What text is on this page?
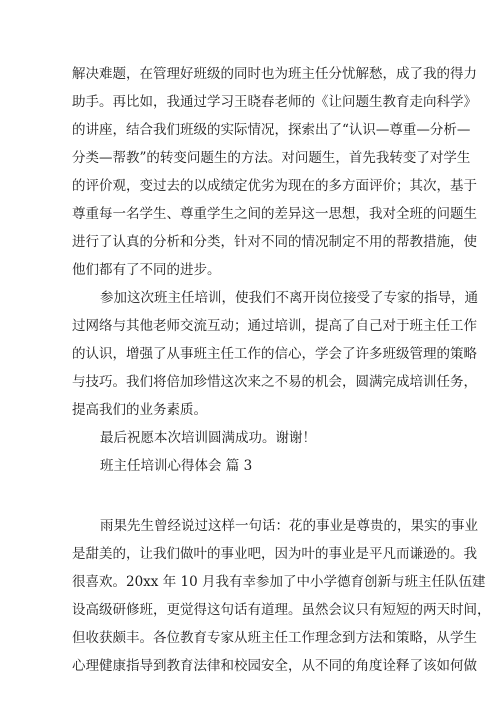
解决难题，在管理好班级的同时也为班主任分忧解愁，成了我的得力
助手。再比如，我通过学习王晓春老师的《让问题生教育走向科学》
的讲座，结合我们班级的实际情况，探索出了“认识—尊重—分析—
分类—帮教”的转变问题生的方法。对问题生，首先我转变了对学生
的评价观，变过去的以成绩定优劣为现在的多方面评价；其次，基于
尊重每一名学生、尊重学生之间的差异这一思想，我对全班的问题生
进行了认真的分析和分类，针对不同的情况制定不用的帮教措施，使
他们都有了不同的进步。
参加这次班主任培训，使我们不离开岗位接受了专家的指导，通
过网络与其他老师交流互动；通过培训，提高了自己对于班主任工作
的认识，增强了从事班主任工作的信心，学会了许多班级管理的策略
与技巧。我们将倍加珍惜这次来之不易的机会，圆满完成培训任务，
提高我们的业务素质。
最后祝愿本次培训圆满成功。谢谢！
班主任培训心得体会 篇 3
雨果先生曾经说过这样一句话：花的事业是尊贵的，果实的事业
是甜美的，让我们做叶的事业吧，因为叶的事业是平凡而谦逊的。我
很喜欢。20xx 年 10 月我有幸参加了中小学德育创新与班主任队伍建
设高级研修班，更觉得这句话有道理。虽然会议只有短短的两天时间，
但收获颇丰。各位教育专家从班主任工作理念到方法和策略，从学生
心理健康指导到教育法律和校园安全，从不同的角度诠释了该如何做
